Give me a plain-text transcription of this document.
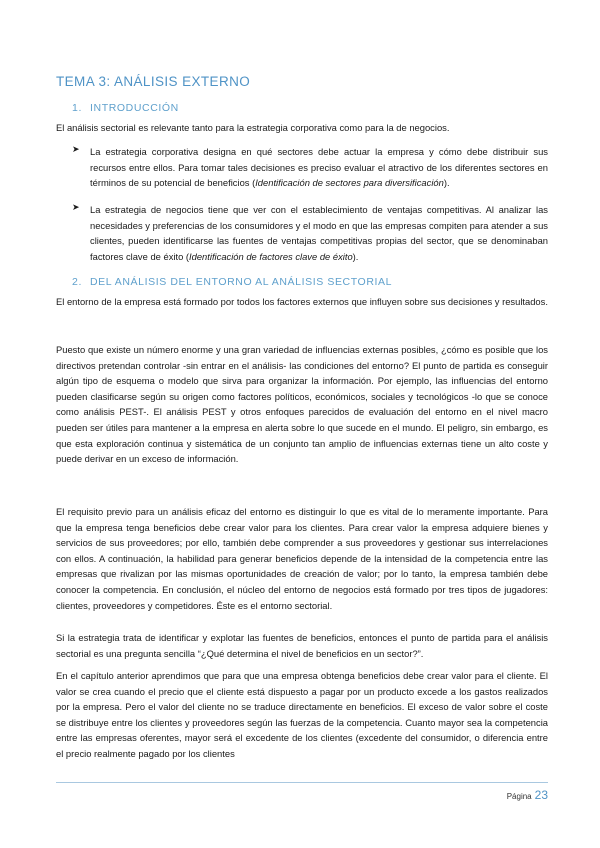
TEMA 3: ANÁLISIS EXTERNO
1. INTRODUCCIÓN

El análisis sectorial es relevante tanto para la estrategia corporativa como para la de negocios.

➤ La estrategia corporativa designa en qué sectores debe actuar la empresa y cómo debe distribuir sus recursos entre ellos. Para tomar tales decisiones es preciso evaluar el atractivo de los diferentes sectores en términos de su potencial de beneficios (Identificación de sectores para diversificación).

➤ La estrategia de negocios tiene que ver con el establecimiento de ventajas competitivas. Al analizar las necesidades y preferencias de los consumidores y el modo en que las empresas compiten para atender a sus clientes, pueden identificarse las fuentes de ventajas competitivas propias del sector, que se denominaban factores clave de éxito (Identificación de factores clave de éxito).

2. DEL ANÁLISIS DEL ENTORNO AL ANÁLISIS SECTORIAL

El entorno de la empresa está formado por todos los factores externos que influyen sobre sus decisiones y resultados.

Puesto que existe un número enorme y una gran variedad de influencias externas posibles, ¿cómo es posible que los directivos pretendan controlar -sin entrar en el análisis- las condiciones del entorno? El punto de partida es conseguir algún tipo de esquema o modelo que sirva para organizar la información. Por ejemplo, las influencias del entorno pueden clasificarse según su origen como factores políticos, económicos, sociales y tecnológicos -lo que se conoce como análisis PEST-. El análisis PEST y otros enfoques parecidos de evaluación del entorno en el nivel macro pueden ser útiles para mantener a la empresa en alerta sobre lo que sucede en el mundo. El peligro, sin embargo, es que esta exploración continua y sistemática de un conjunto tan amplio de influencias externas tiene un alto coste y puede derivar en un exceso de información.

El requisito previo para un análisis eficaz del entorno es distinguir lo que es vital de lo meramente importante. Para que la empresa tenga beneficios debe crear valor para los clientes. Para crear valor la empresa adquiere bienes y servicios de sus proveedores; por ello, también debe comprender a sus proveedores y gestionar sus interrelaciones con ellos. A continuación, la habilidad para generar beneficios depende de la intensidad de la competencia entre las empresas que rivalizan por las mismas oportunidades de creación de valor; por lo tanto, la empresa también debe conocer la competencia. En conclusión, el núcleo del entorno de negocios está formado por tres tipos de jugadores: clientes, proveedores y competidores. Éste es el entorno sectorial.

Si la estrategia trata de identificar y explotar las fuentes de beneficios, entonces el punto de partida para el análisis sectorial es una pregunta sencilla “¿Qué determina el nivel de beneficios en un sector?”.

En el capítulo anterior aprendimos que para que una empresa obtenga beneficios debe crear valor para el cliente. El valor se crea cuando el precio que el cliente está dispuesto a pagar por un producto excede a los gastos realizados por la empresa. Pero el valor del cliente no se traduce directamente en beneficios. El exceso de valor sobre el coste se distribuye entre los clientes y proveedores según las fuerzas de la competencia. Cuanto mayor sea la competencia entre las empresas oferentes, mayor será el excedente de los clientes (excedente del consumidor, o diferencia entre el precio realmente pagado por los clientes

Página 23
